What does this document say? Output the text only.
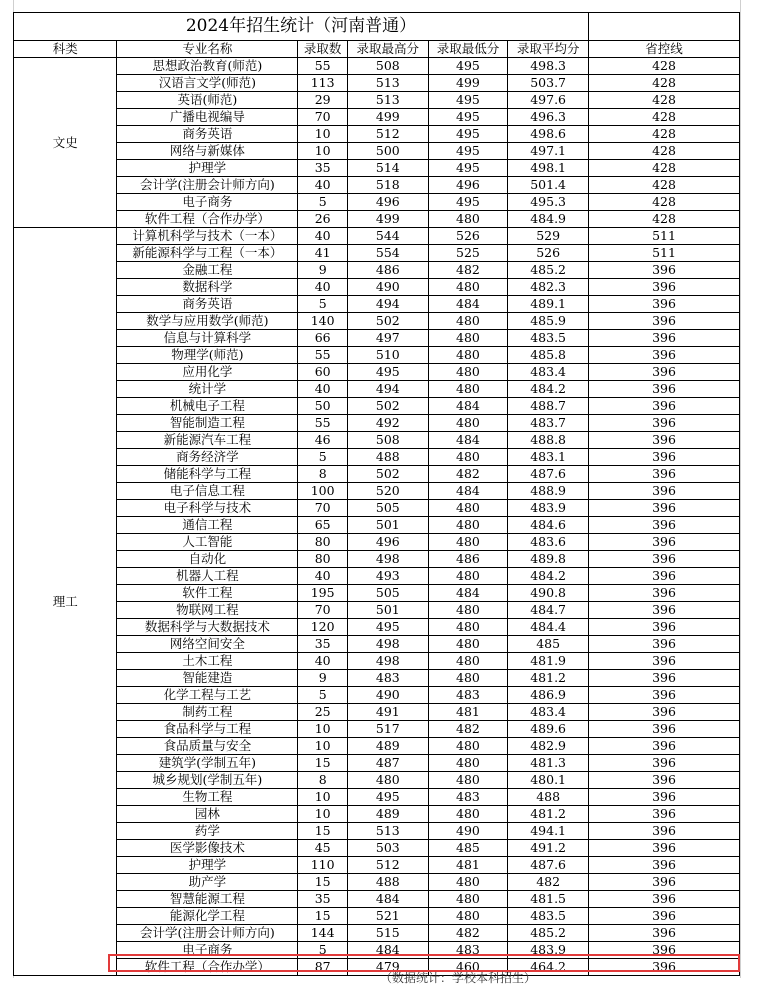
2024年招生统计（河南普通）						
科类	专业名称	录取数	录取最高分	录取最低分	录取平均分	省控线
文史	思想政治教育(师范)	55	508	495	498.3	428
	汉语言文学(师范)	113	513	499	503.7	428
	英语(师范)	29	513	495	497.6	428
	广播电视编导	70	499	495	496.3	428
	商务英语	10	512	495	498.6	428
	网络与新媒体	10	500	495	497.1	428
	护理学	35	514	495	498.1	428
	会计学(注册会计师方向)	40	518	496	501.4	428
	电子商务	5	496	495	495.3	428
	软件工程（合作办学）	26	499	480	484.9	428
理工	计算机科学与技术（一本）	40	544	526	529	511
	新能源科学与工程（一本）	41	554	525	526	511
	金融工程	9	486	482	485.2	396
	数据科学	40	490	480	482.3	396
	商务英语	5	494	484	489.1	396
	数学与应用数学(师范)	140	502	480	485.9	396
	信息与计算科学	66	497	480	483.5	396
	物理学(师范)	55	510	480	485.8	396
	应用化学	60	495	480	483.4	396
	统计学	40	494	480	484.2	396
	机械电子工程	50	502	484	488.7	396
	智能制造工程	55	492	480	483.7	396
	新能源汽车工程	46	508	484	488.8	396
	商务经济学	5	488	480	483.1	396
	储能科学与工程	8	502	482	487.6	396
	电子信息工程	100	520	484	488.9	396
	电子科学与技术	70	505	480	483.9	396
	通信工程	65	501	480	484.6	396
	人工智能	80	496	480	483.6	396
	自动化	80	498	486	489.8	396
	机器人工程	40	493	480	484.2	396
	软件工程	195	505	484	490.8	396
	物联网工程	70	501	480	484.7	396
	数据科学与大数据技术	120	495	480	484.4	396
	网络空间安全	35	498	480	485	396
	土木工程	40	498	480	481.9	396
	智能建造	9	483	480	481.2	396
	化学工程与工艺	5	490	483	486.9	396
	制药工程	25	491	481	483.4	396
	食品科学与工程	10	517	482	489.6	396
	食品质量与安全	10	489	480	482.9	396
	建筑学(学制五年)	15	487	480	481.3	396
	城乡规划(学制五年)	8	480	480	480.1	396
	生物工程	10	495	483	488	396
	园林	10	489	480	481.2	396
	药学	15	513	490	494.1	396
	医学影像技术	45	503	485	491.2	396
	护理学	110	512	481	487.6	396
	助产学	15	488	480	482	396
	智慧能源工程	35	484	480	481.5	396
	能源化学工程	15	521	480	483.5	396
	会计学(注册会计师方向)	144	515	482	485.2	396
	电子商务	5	484	483	483.9	396
	软件工程（合作办学）	87	479	460	464.2	396
（数据统计：学校本科招生）
